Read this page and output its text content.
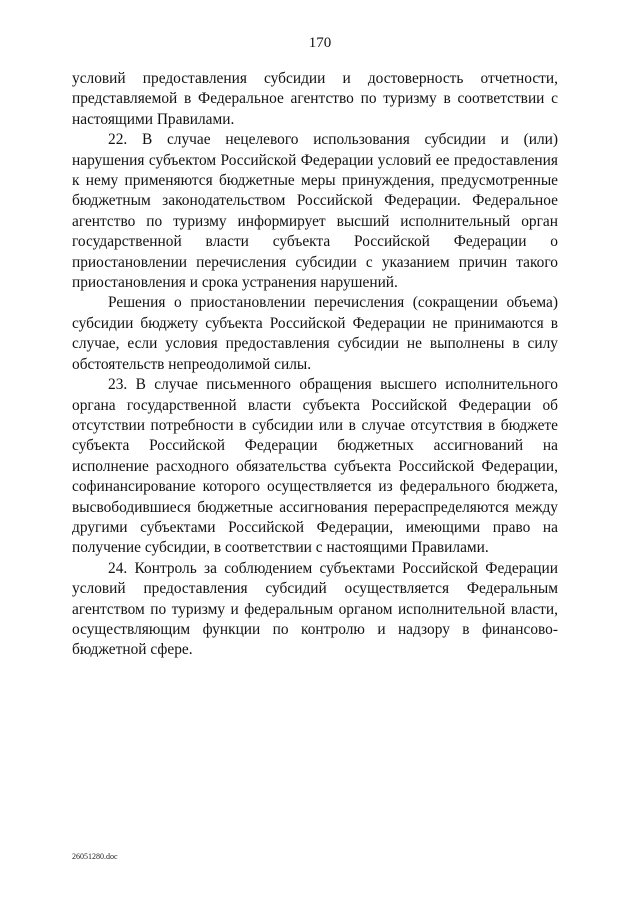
170

условий предоставления субсидии и достоверность отчетности, представляемой в Федеральное агентство по туризму в соответствии с настоящими Правилами.

22. В случае нецелевого использования субсидии и (или) нарушения субъектом Российской Федерации условий ее предоставления к нему применяются бюджетные меры принуждения, предусмотренные бюджетным законодательством Российской Федерации. Федеральное агентство по туризму информирует высший исполнительный орган государственной власти субъекта Российской Федерации о приостановлении перечисления субсидии с указанием причин такого приостановления и срока устранения нарушений.

Решения о приостановлении перечисления (сокращении объема) субсидии бюджету субъекта Российской Федерации не принимаются в случае, если условия предоставления субсидии не выполнены в силу обстоятельств непреодолимой силы.

23. В случае письменного обращения высшего исполнительного органа государственной власти субъекта Российской Федерации об отсутствии потребности в субсидии или в случае отсутствия в бюджете субъекта Российской Федерации бюджетных ассигнований на исполнение расходного обязательства субъекта Российской Федерации, софинансирование которого осуществляется из федерального бюджета, высвободившиеся бюджетные ассигнования перераспределяются между другими субъектами Российской Федерации, имеющими право на получение субсидии, в соответствии с настоящими Правилами.

24. Контроль за соблюдением субъектами Российской Федерации условий предоставления субсидий осуществляется Федеральным агентством по туризму и федеральным органом исполнительной власти, осуществляющим функции по контролю и надзору в финансово-бюджетной сфере.

26051280.doc
